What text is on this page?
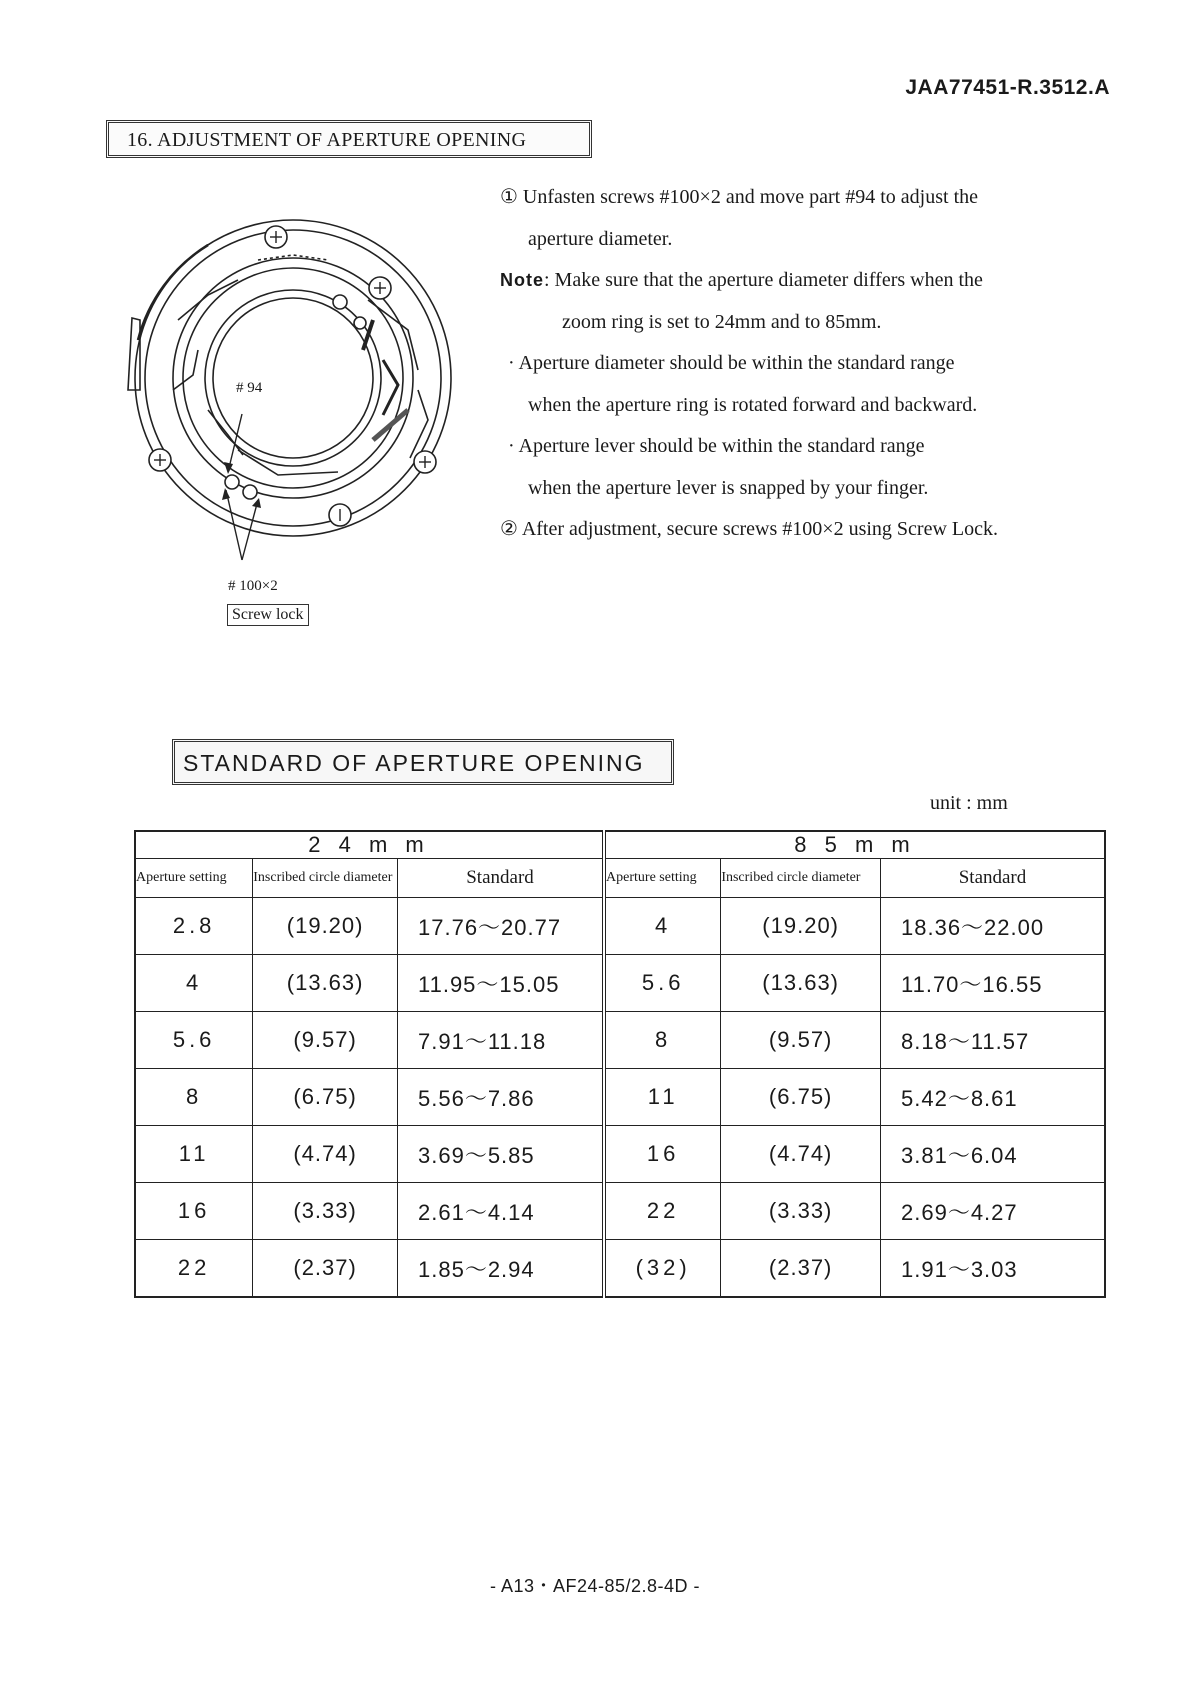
JAA77451-R.3512.A
16. ADJUSTMENT OF APERTURE OPENING
# 94
# 100×2
Screw lock
① Unfasten screws #100×2 and move part #94 to adjust the
aperture diameter.
Note: Make sure that the aperture diameter differs when the
zoom ring is set to 24mm and to 85mm.
· Aperture diameter should be within the standard range
when the aperture ring is rotated forward and backward.
· Aperture lever should be within the standard range
when the aperture lever is snapped by your finger.
② After adjustment, secure screws #100×2 using Screw Lock.
STANDARD OF APERTURE OPENING
unit : mm
2 4 m m			8 5 m m		
Aperture setting	Inscribed circle diameter	Standard	Aperture setting	Inscribed circle diameter	Standard
2.8	(19.20)	17.76～20.77	4	(19.20)	18.36～22.00
4	(13.63)	11.95～15.05	5.6	(13.63)	11.70～16.55
5.6	(9.57)	7.91～11.18	8	(9.57)	8.18～11.57
8	(6.75)	5.56～7.86	11	(6.75)	5.42～8.61
11	(4.74)	3.69～5.85	16	(4.74)	3.81～6.04
16	(3.33)	2.61～4.14	22	(3.33)	2.69～4.27
22	(2.37)	1.85～2.94	(32)	(2.37)	1.91～3.03
- A13・AF24-85/2.8-4D -
